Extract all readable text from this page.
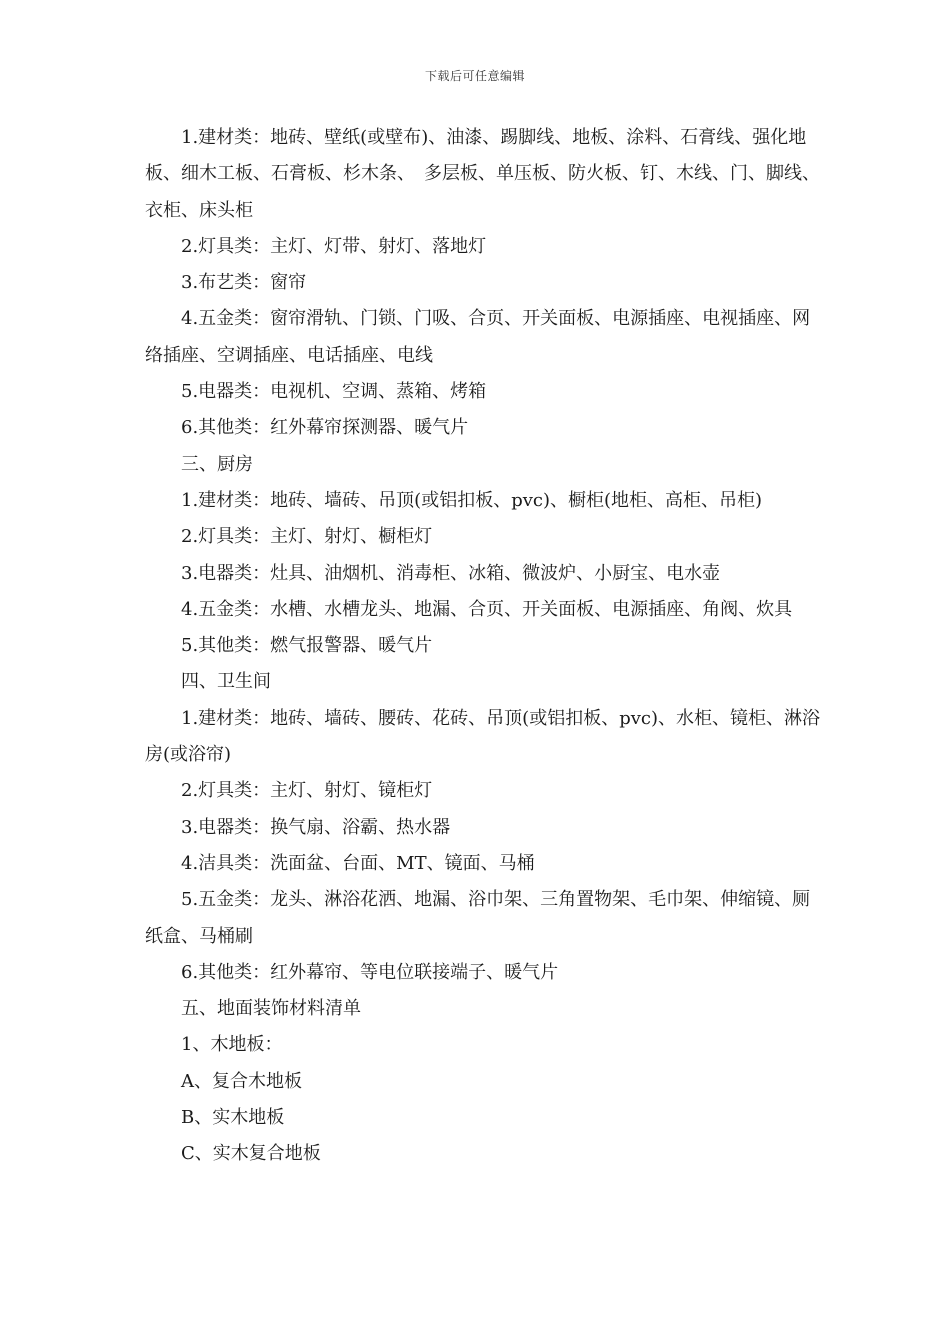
下载后可任意编辑

1.建材类：地砖、壁纸(或壁布)、油漆、踢脚线、地板、涂料、石膏线、强化地板、细木工板、石膏板、杉木条、　多层板、单压板、防火板、钉、木线、门、脚线、衣柜、床头柜

2.灯具类：主灯、灯带、射灯、落地灯

3.布艺类：窗帘

4.五金类：窗帘滑轨、门锁、门吸、合页、开关面板、电源插座、电视插座、网络插座、空调插座、电话插座、电线

5.电器类：电视机、空调、蒸箱、烤箱

6.其他类：红外幕帘探测器、暖气片

三、厨房

1.建材类：地砖、墙砖、吊顶(或铝扣板、pvc)、橱柜(地柜、高柜、吊柜)

2.灯具类：主灯、射灯、橱柜灯

3.电器类：灶具、油烟机、消毒柜、冰箱、微波炉、小厨宝、电水壶

4.五金类：水槽、水槽龙头、地漏、合页、开关面板、电源插座、角阀、炊具

5.其他类：燃气报警器、暖气片

四、卫生间

1.建材类：地砖、墙砖、腰砖、花砖、吊顶(或铝扣板、pvc)、水柜、镜柜、淋浴房(或浴帘)

2.灯具类：主灯、射灯、镜柜灯

3.电器类：换气扇、浴霸、热水器

4.洁具类：洗面盆、台面、MT、镜面、马桶

5.五金类：龙头、淋浴花洒、地漏、浴巾架、三角置物架、毛巾架、伸缩镜、厕纸盒、马桶刷

6.其他类：红外幕帘、等电位联接端子、暖气片

五、地面装饰材料清单

1、木地板：

A、复合木地板

B、实木地板

C、实木复合地板
